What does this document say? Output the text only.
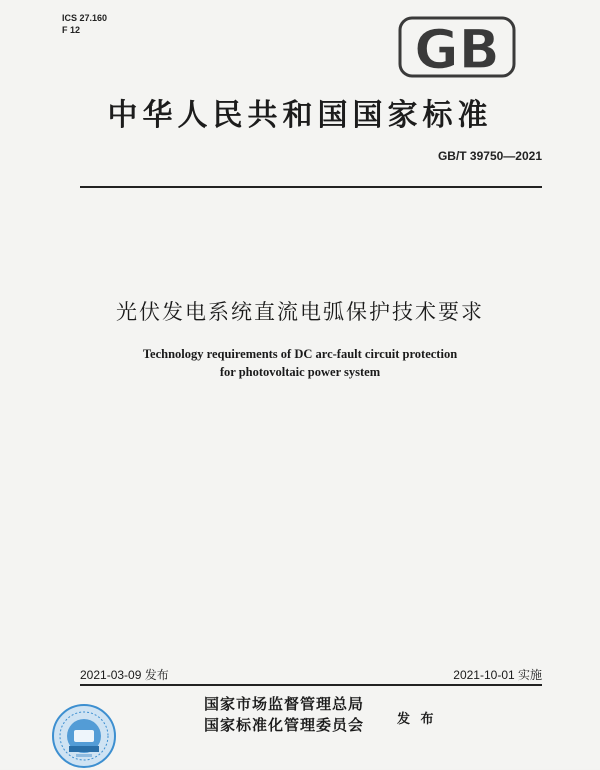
ICS 27.160
F 12	GB
中华人民共和国国家标准
GB/T 39750—2021
光伏发电系统直流电弧保护技术要求
Technology requirements of DC arc-fault circuit protection
for photovoltaic power system
2021-03-09 发布	2021-10-01 实施
国家市场监督管理总局
国家标准化管理委员会	发 布
